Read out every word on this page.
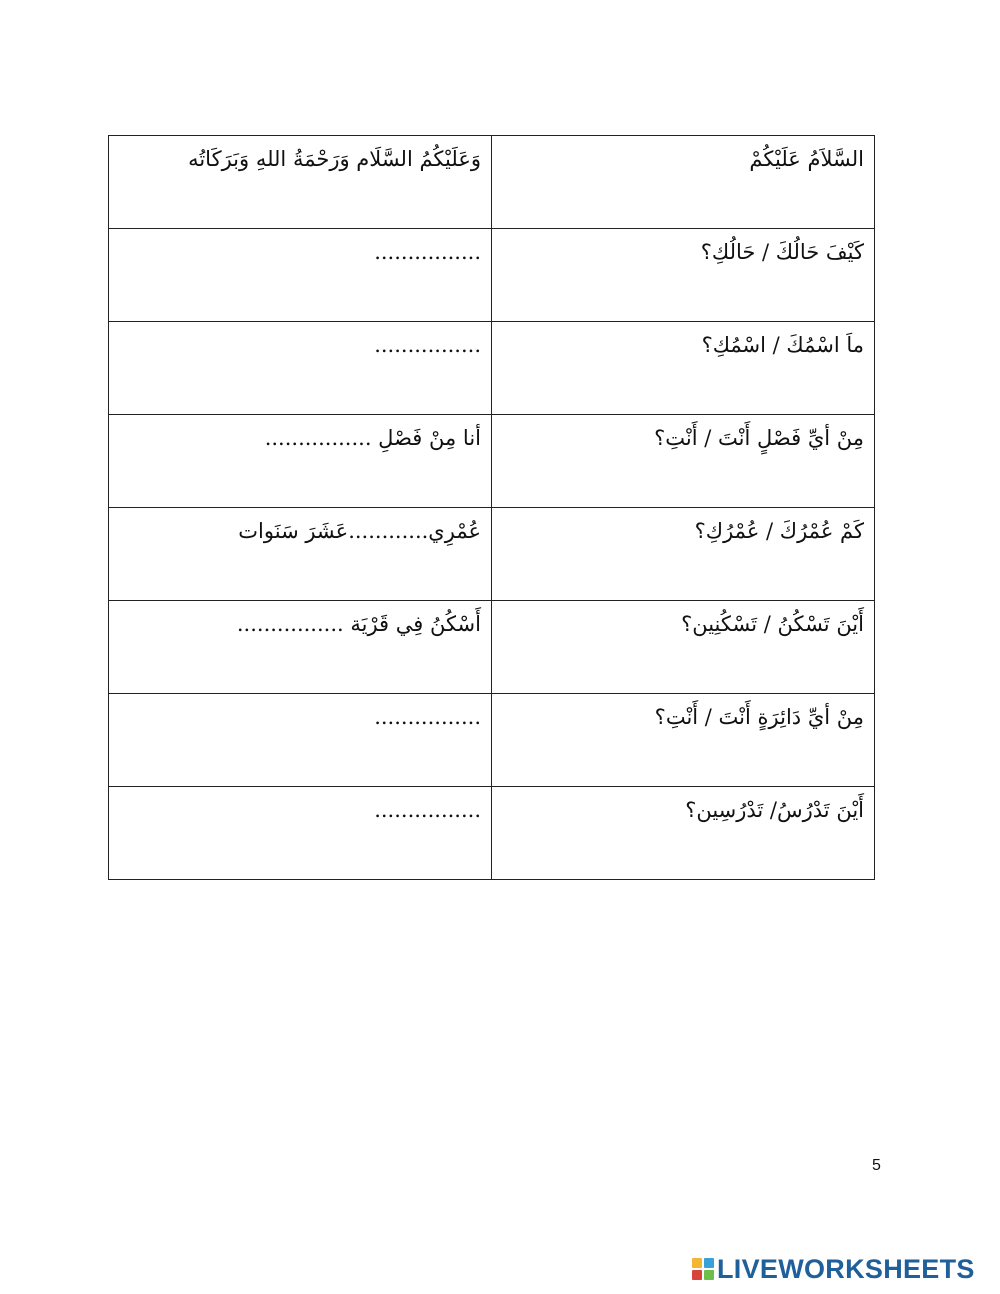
السَّلاَمُ عَلَيْكُمْ	وَعَلَيْكُمُ السَّلَام وَرَحْمَةُ اللهِ وَبَرَكَاتُه
كَيْفَ حَالُكَ / حَالُكِ؟	................
ماَ اسْمُكَ / اسْمُكِ؟	................
مِنْ أيِّ فَصْلٍ أَنْتَ / أَنْتِ؟	أنا مِنْ فَصْلِ ................
كَمْ عُمْرُكَ / عُمْرُكِ؟	عُمْرِي............عَشَرَ سَنَوات
أَيْنَ تَسْكُنُ / تَسْكُنِين؟	أَسْكُنُ فِي قَرْيَة ................
مِنْ أيِّ دَائِرَةٍ أَنْتَ / أَنْتِ؟	................
أَيْنَ تَدْرُسُ/ تَدْرُسِين؟	................
5
LIVEWORKSHEETS
